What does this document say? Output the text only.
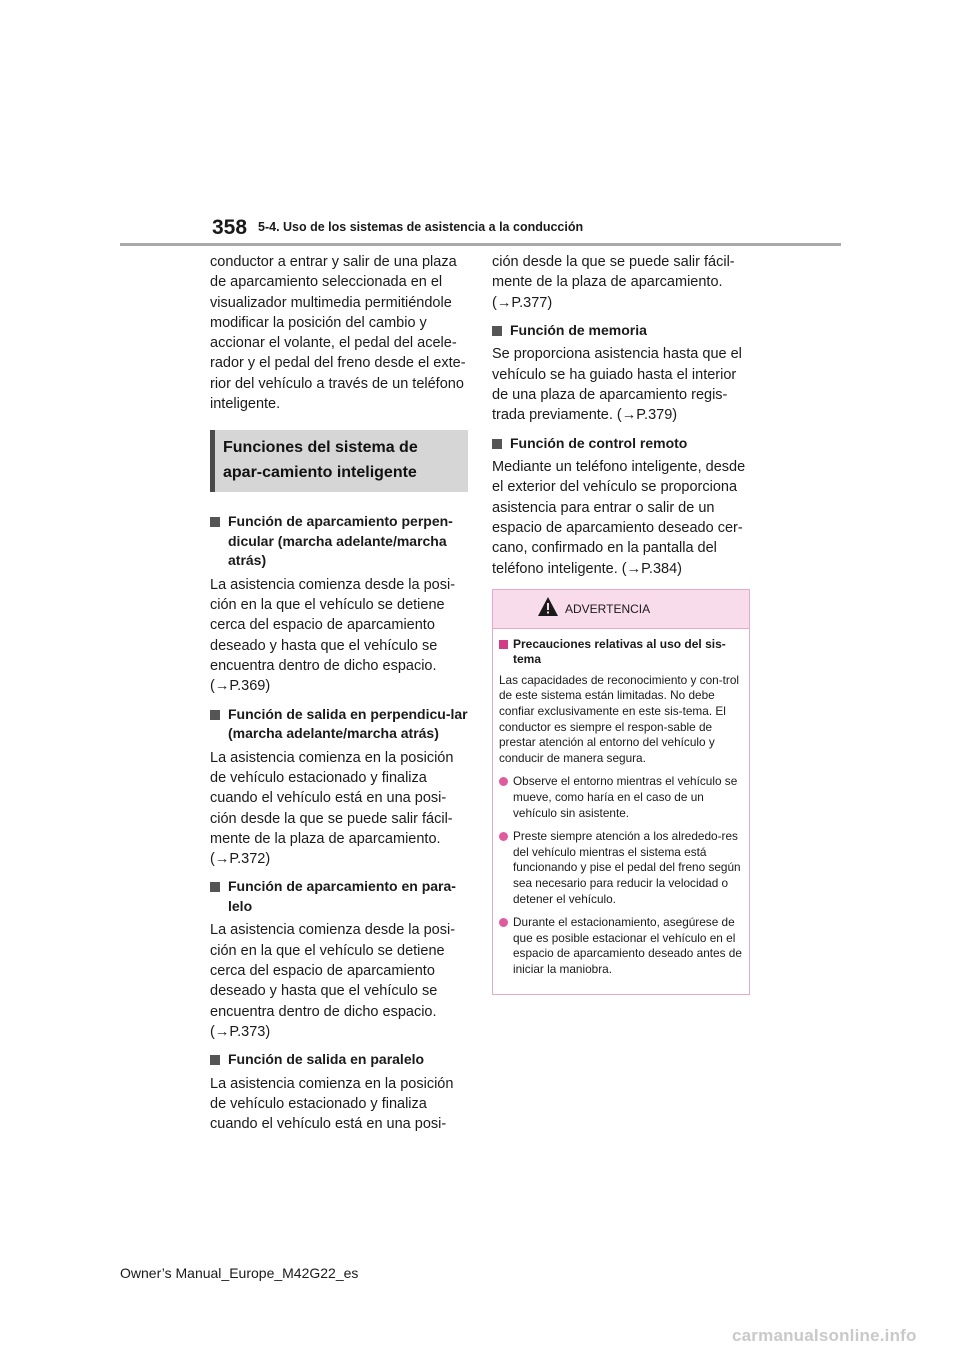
358 5-4. Uso de los sistemas de asistencia a la conducción

conductor a entrar y salir de una plaza de aparcamiento seleccionada en el visualizador multimedia permitiéndole modificar la posición del cambio y accionar el volante, el pedal del acele-rador y el pedal del freno desde el exte-rior del vehículo a través de un teléfono inteligente.

Funciones del sistema de apar-camiento inteligente
Función de aparcamiento perpen-dicular (marcha adelante/marcha atrás)

La asistencia comienza desde la posi-ción en la que el vehículo se detiene cerca del espacio de aparcamiento deseado y hasta que el vehículo se encuentra dentro de dicho espacio. (→P.369)

Función de salida en perpendicu-lar (marcha adelante/marcha atrás)

La asistencia comienza en la posición de vehículo estacionado y finaliza cuando el vehículo está en una posi-ción desde la que se puede salir fácil-mente de la plaza de aparcamiento. (→P.372)

Función de aparcamiento en para-lelo

La asistencia comienza desde la posi-ción en la que el vehículo se detiene cerca del espacio de aparcamiento deseado y hasta que el vehículo se encuentra dentro de dicho espacio. (→P.373)

Función de salida en paralelo

La asistencia comienza en la posición de vehículo estacionado y finaliza cuando el vehículo está en una posi-

ción desde la que se puede salir fácil-mente de la plaza de aparcamiento. (→P.377)

Función de memoria

Se proporciona asistencia hasta que el vehículo se ha guiado hasta el interior de una plaza de aparcamiento regis-trada previamente. (→P.379)

Función de control remoto

Mediante un teléfono inteligente, desde el exterior del vehículo se proporciona asistencia para entrar o salir de un espacio de aparcamiento deseado cer-cano, confirmado en la pantalla del teléfono inteligente. (→P.384)

ADVERTENCIA
Precauciones relativas al uso del sis-tema

Las capacidades de reconocimiento y con-trol de este sistema están limitadas. No debe confiar exclusivamente en este sis-tema. El conductor es siempre el respon-sable de prestar atención al entorno del vehículo y conducir de manera segura.

Observe el entorno mientras el vehículo se mueve, como haría en el caso de un vehículo sin asistente.
Preste siempre atención a los alrededo-res del vehículo mientras el sistema está funcionando y pise el pedal del freno según sea necesario para reducir la velocidad o detener el vehículo.
Durante el estacionamiento, asegúrese de que es posible estacionar el vehículo en el espacio de aparcamiento deseado antes de iniciar la maniobra.
Owner’s Manual_Europe_M42G22_es
carmanualsonline.info
